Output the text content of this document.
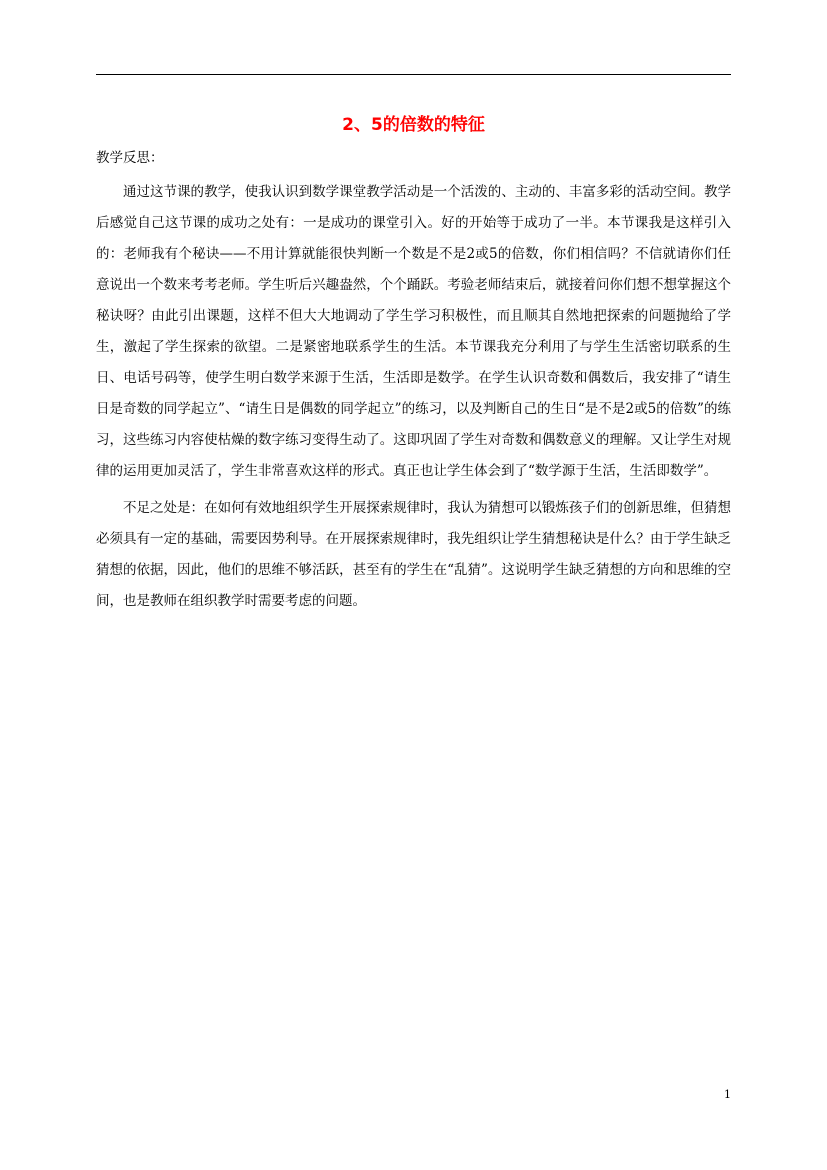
2、5的倍数的特征

教学反思：

通过这节课的教学，使我认识到数学课堂教学活动是一个活泼的、主动的、丰富多彩的活动空间。教学后感觉自己这节课的成功之处有：一是成功的课堂引入。好的开始等于成功了一半。本节课我是这样引入的：老师我有个秘诀——不用计算就能很快判断一个数是不是2或5的倍数，你们相信吗？不信就请你们任意说出一个数来考考老师。学生听后兴趣盎然，个个踊跃。考验老师结束后，就接着问你们想不想掌握这个秘诀呀？由此引出课题，这样不但大大地调动了学生学习积极性，而且顺其自然地把探索的问题抛给了学生，激起了学生探索的欲望。二是紧密地联系学生的生活。本节课我充分利用了与学生生活密切联系的生日、电话号码等，使学生明白数学来源于生活，生活即是数学。在学生认识奇数和偶数后，我安排了“请生日是奇数的同学起立”、“请生日是偶数的同学起立”的练习，以及判断自己的生日“是不是2或5的倍数”的练习，这些练习内容使枯燥的数字练习变得生动了。这即巩固了学生对奇数和偶数意义的理解。又让学生对规律的运用更加灵活了，学生非常喜欢这样的形式。真正也让学生体会到了“数学源于生活，生活即数学”。

不足之处是：在如何有效地组织学生开展探索规律时，我认为猜想可以锻炼孩子们的创新思维，但猜想必须具有一定的基础，需要因势利导。在开展探索规律时，我先组织让学生猜想秘诀是什么？由于学生缺乏猜想的依据，因此，他们的思维不够活跃，甚至有的学生在“乱猜”。这说明学生缺乏猜想的方向和思维的空间，也是教师在组织教学时需要考虑的问题。

1
